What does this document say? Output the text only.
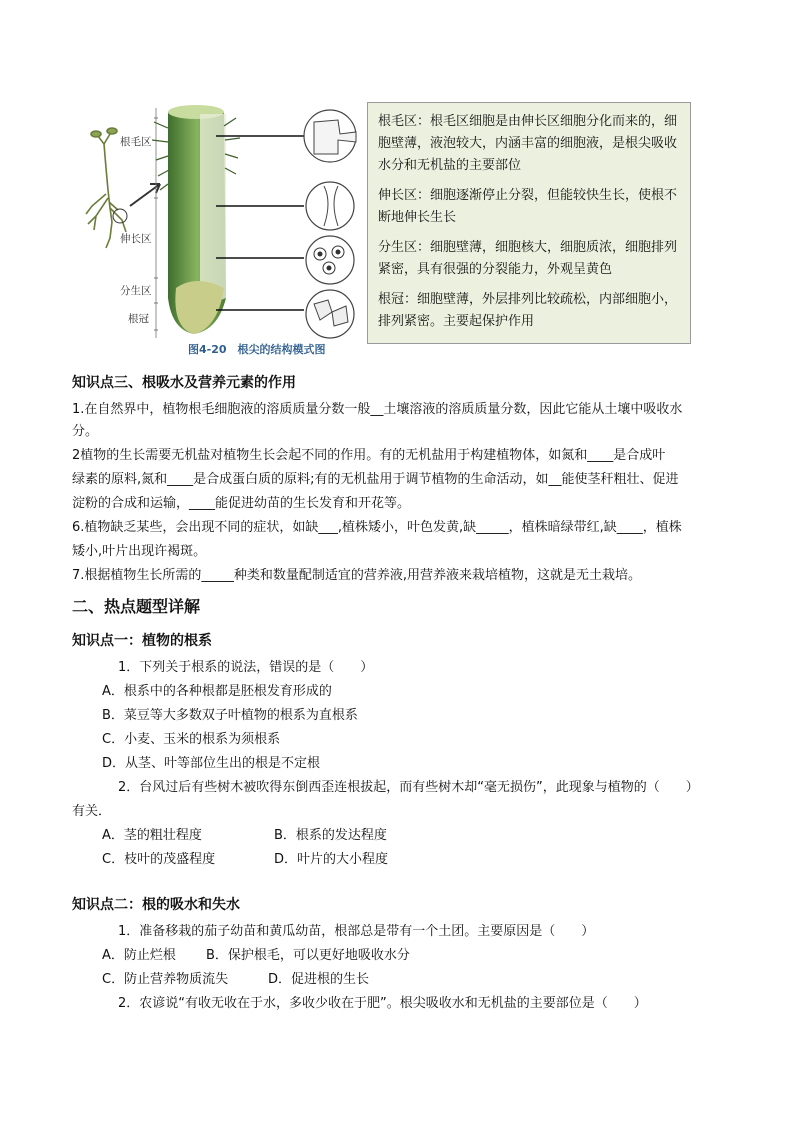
根毛区
伸长区
分生区
根冠
图4-20　根尖的结构模式图

根毛区：根毛区细胞是由伸长区细胞分化而来的，细胞壁薄，液泡较大，内涵丰富的细胞液，是根尖吸收水分和无机盐的主要部位

伸长区：细胞逐渐停止分裂，但能较快生长，使根不断地伸长生长

分生区：细胞壁薄，细胞核大，细胞质浓，细胞排列紧密，具有很强的分裂能力，外观呈黄色

根冠：细胞壁薄，外层排列比较疏松，内部细胞小，排列紧密。主要起保护作用

知识点三、根吸水及营养元素的作用
1.在自然界中，植物根毛细胞液的溶质质量分数一般__土壤溶液的溶质质量分数，因此它能从土壤中吸收水
分。
2植物的生长需要无机盐对植物生长会起不同的作用。有的无机盐用于构建植物体，如氮和____是合成叶
绿素的原料,氮和____是合成蛋白质的原料;有的无机盐用于调节植物的生命活动，如__能使茎秆粗壮、促进
淀粉的合成和运输，____能促进幼苗的生长发育和开花等。
6.植物缺乏某些，会出现不同的症状，如缺___,植株矮小，叶色发黄,缺_____，植株暗绿带红,缺____，植株
矮小,叶片出现许褐斑。
7.根据植物生长所需的_____种类和数量配制适宜的营养液,用营养液来栽培植物，这就是无土栽培。
二、热点题型详解
知识点一：植物的根系
1．下列关于根系的说法，错误的是（　　）
A．根系中的各种根都是胚根发育形成的
B．菜豆等大多数双子叶植物的根系为直根系
C．小麦、玉米的根系为须根系
D．从茎、叶等部位生出的根是不定根
2．台风过后有些树木被吹得东倒西歪连根拔起，而有些树木却“毫无损伤”，此现象与植物的（　　）
有关．
A．茎的粗壮程度	B．根系的发达程度
C．枝叶的茂盛程度	D．叶片的大小程度
知识点二：根的吸水和失水
1．准备移栽的茄子幼苗和黄瓜幼苗，根部总是带有一个土团。主要原因是（　　）
A．防止烂根 B．保护根毛，可以更好地吸收水分
C．防止营养物质流失	D．促进根的生长
2．农谚说“有收无收在于水，多收少收在于肥”。根尖吸收水和无机盐的主要部位是（　　）
